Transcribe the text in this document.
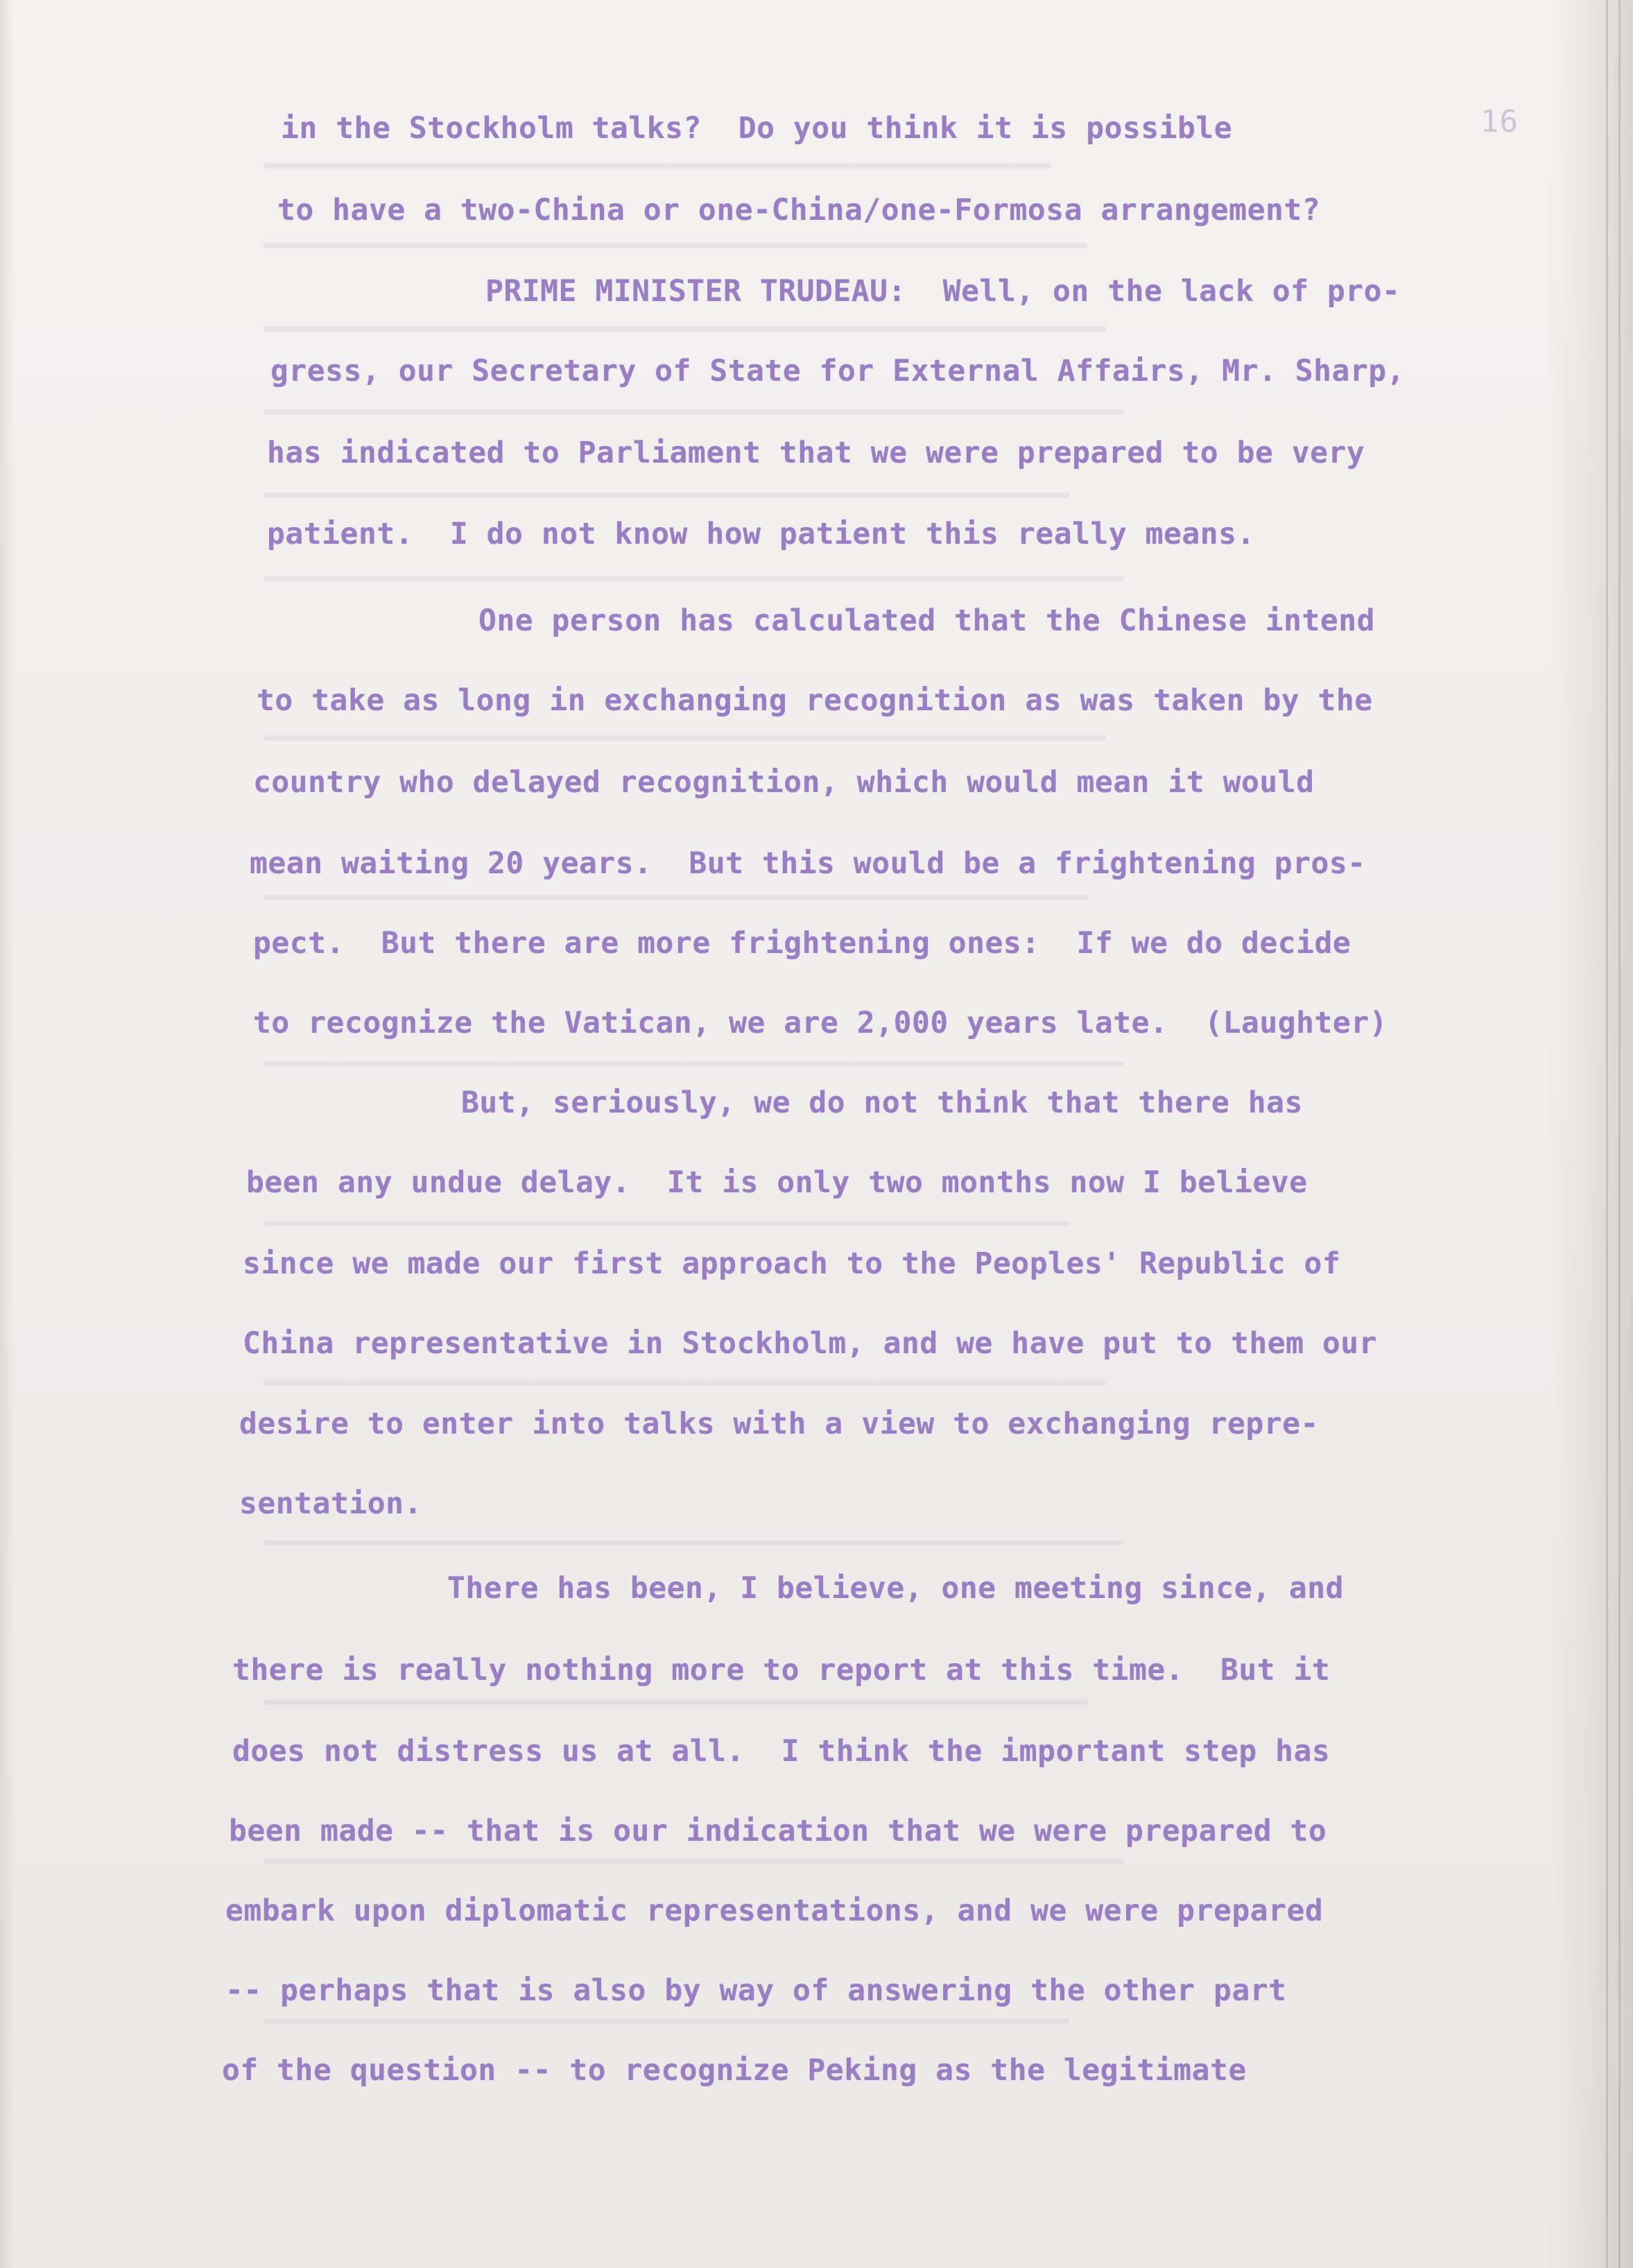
━━━━━━━━━━━━━━━━━━━━━━━━━━━━━━━━━━━━━━━━━━━
━━━━━━━━━━━━━━━━━━━━━━━━━━━━━━━━━━━━━━━━━━━━━
━━━━━━━━━━━━━━━━━━━━━━━━━━━━━━━━━━━━━━━━━━━━━━
━━━━━━━━━━━━━━━━━━━━━━━━━━━━━━━━━━━━━━━━━━━━━━━
━━━━━━━━━━━━━━━━━━━━━━━━━━━━━━━━━━━━━━━━━━━━
━━━━━━━━━━━━━━━━━━━━━━━━━━━━━━━━━━━━━━━━━━━━━━━
━━━━━━━━━━━━━━━━━━━━━━━━━━━━━━━━━━━━━━━━━━━━━━
━━━━━━━━━━━━━━━━━━━━━━━━━━━━━━━━━━━━━━━━━━━━━
━━━━━━━━━━━━━━━━━━━━━━━━━━━━━━━━━━━━━━━━━━━━━━━
━━━━━━━━━━━━━━━━━━━━━━━━━━━━━━━━━━━━━━━━━━━━
━━━━━━━━━━━━━━━━━━━━━━━━━━━━━━━━━━━━━━━━━━━━━━
━━━━━━━━━━━━━━━━━━━━━━━━━━━━━━━━━━━━━━━━━━━━━━━
━━━━━━━━━━━━━━━━━━━━━━━━━━━━━━━━━━━━━━━━━━━━━
━━━━━━━━━━━━━━━━━━━━━━━━━━━━━━━━━━━━━━━━━━━━━━━
━━━━━━━━━━━━━━━━━━━━━━━━━━━━━━━━━━━━━━━━━━━━
16
in the Stockholm talks?  Do you think it is possible
to have a two-China or one-China/one-Formosa arrangement?
PRIME MINISTER TRUDEAU:  Well, on the lack of pro-
gress, our Secretary of State for External Affairs, Mr. Sharp,
has indicated to Parliament that we were prepared to be very
patient.  I do not know how patient this really means.
One person has calculated that the Chinese intend
to take as long in exchanging recognition as was taken by the
country who delayed recognition, which would mean it would
mean waiting 20 years.  But this would be a frightening pros-
pect.  But there are more frightening ones:  If we do decide
to recognize the Vatican, we are 2,000 years late.  (Laughter)
But, seriously, we do not think that there has
been any undue delay.  It is only two months now I believe
since we made our first approach to the Peoples' Republic of
China representative in Stockholm, and we have put to them our
desire to enter into talks with a view to exchanging repre-
sentation.
There has been, I believe, one meeting since, and
there is really nothing more to report at this time.  But it
does not distress us at all.  I think the important step has
been made -- that is our indication that we were prepared to
embark upon diplomatic representations, and we were prepared
-- perhaps that is also by way of answering the other part
of the question -- to recognize Peking as the legitimate
